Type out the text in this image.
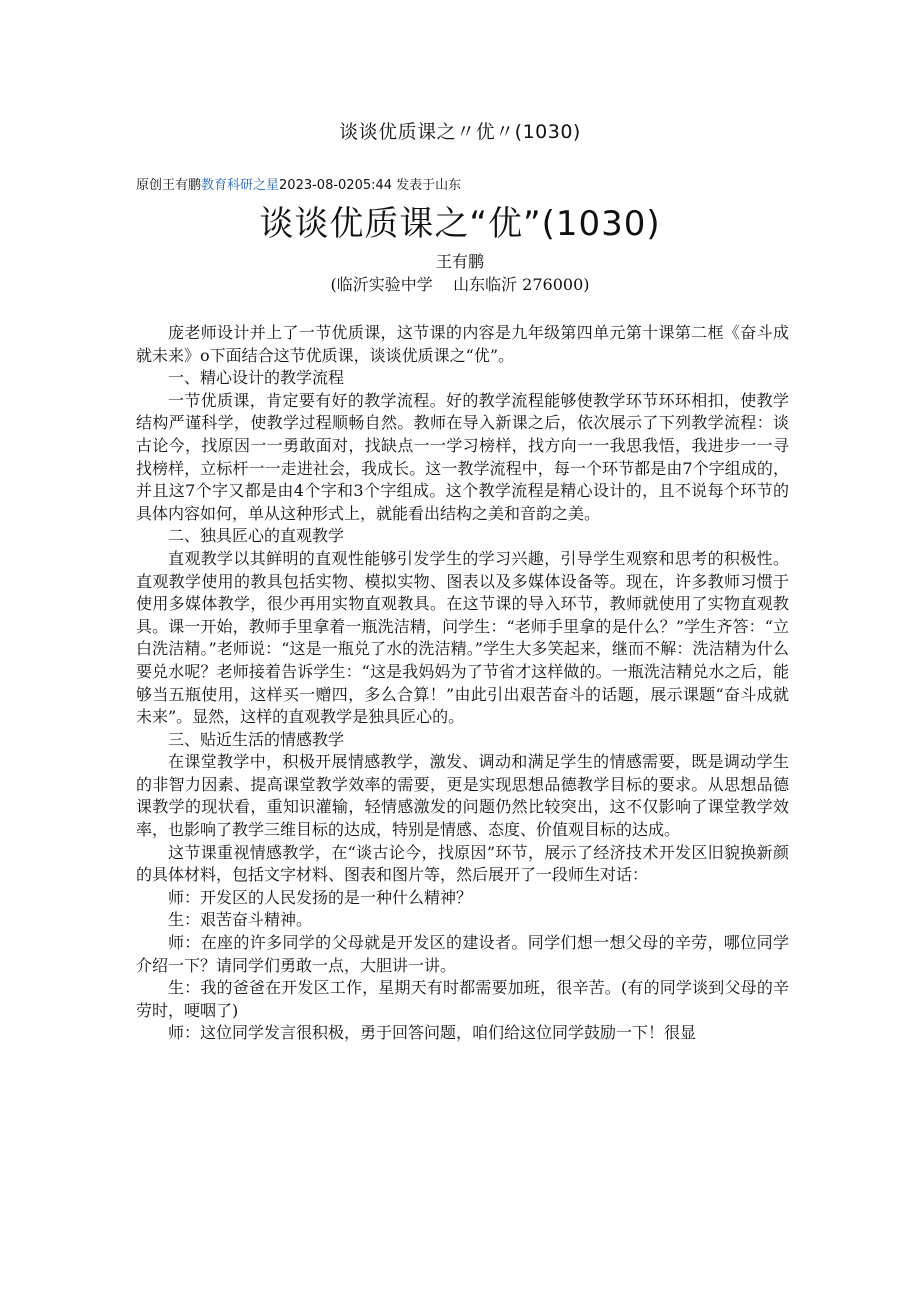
谈谈优质课之〃优〃(1030)
原创王有鹏教育科研之星2023-08-0205:44 发表于山东
谈谈优质课之“优”(1030)
王有鹏
(临沂实验中学    山东临沂 276000)

庞老师设计并上了一节优质课，这节课的内容是九年级第四单元第十课第二框《奋斗成就未来》o下面结合这节优质课，谈谈优质课之“优”。

一、精心设计的教学流程

一节优质课，肯定要有好的教学流程。好的教学流程能够使教学环节环环相扣，使教学结构严谨科学，使教学过程顺畅自然。教师在导入新课之后，依次展示了下列教学流程：谈古论今，找原因一一勇敢面对，找缺点一一学习榜样，找方向一一我思我悟，我进步一一寻找榜样，立标杆一一走进社会，我成长。这一教学流程中，每一个环节都是由7个字组成的，并且这7个字又都是由4个字和3个字组成。这个教学流程是精心设计的，且不说每个环节的具体内容如何，单从这种形式上，就能看出结构之美和音韵之美。

二、独具匠心的直观教学

直观教学以其鲜明的直观性能够引发学生的学习兴趣，引导学生观察和思考的积极性。直观教学使用的教具包括实物、模拟实物、图表以及多媒体设备等。现在，许多教师习惯于使用多媒体教学，很少再用实物直观教具。在这节课的导入环节，教师就使用了实物直观教具。课一开始，教师手里拿着一瓶洗洁精，问学生：“老师手里拿的是什么？”学生齐答：“立白洗洁精。”老师说：“这是一瓶兑了水的洗洁精。”学生大多笑起来，继而不解：洗洁精为什么要兑水呢？老师接着告诉学生：“这是我妈妈为了节省才这样做的。一瓶洗洁精兑水之后，能够当五瓶使用，这样买一赠四，多么合算！”由此引出艰苦奋斗的话题，展示课题“奋斗成就未来”。显然，这样的直观教学是独具匠心的。

三、贴近生活的情感教学

在课堂教学中，积极开展情感教学，激发、调动和满足学生的情感需要，既是调动学生的非智力因素、提高课堂教学效率的需要，更是实现思想品德教学目标的要求。从思想品德课教学的现状看，重知识灌输，轻情感激发的问题仍然比较突出，这不仅影响了课堂教学效率，也影响了教学三维目标的达成，特别是情感、态度、价值观目标的达成。

这节课重视情感教学，在“谈古论今，找原因”环节，展示了经济技术开发区旧貌换新颜的具体材料，包括文字材料、图表和图片等，然后展开了一段师生对话：

师：开发区的人民发扬的是一种什么精神？

生：艰苦奋斗精神。

师：在座的许多同学的父母就是开发区的建设者。同学们想一想父母的辛劳，哪位同学介绍一下？请同学们勇敢一点，大胆讲一讲。

生：我的爸爸在开发区工作，星期天有时都需要加班，很辛苦。(有的同学谈到父母的辛劳时，哽咽了)

师：这位同学发言很积极，勇于回答问题，咱们给这位同学鼓励一下！很显
